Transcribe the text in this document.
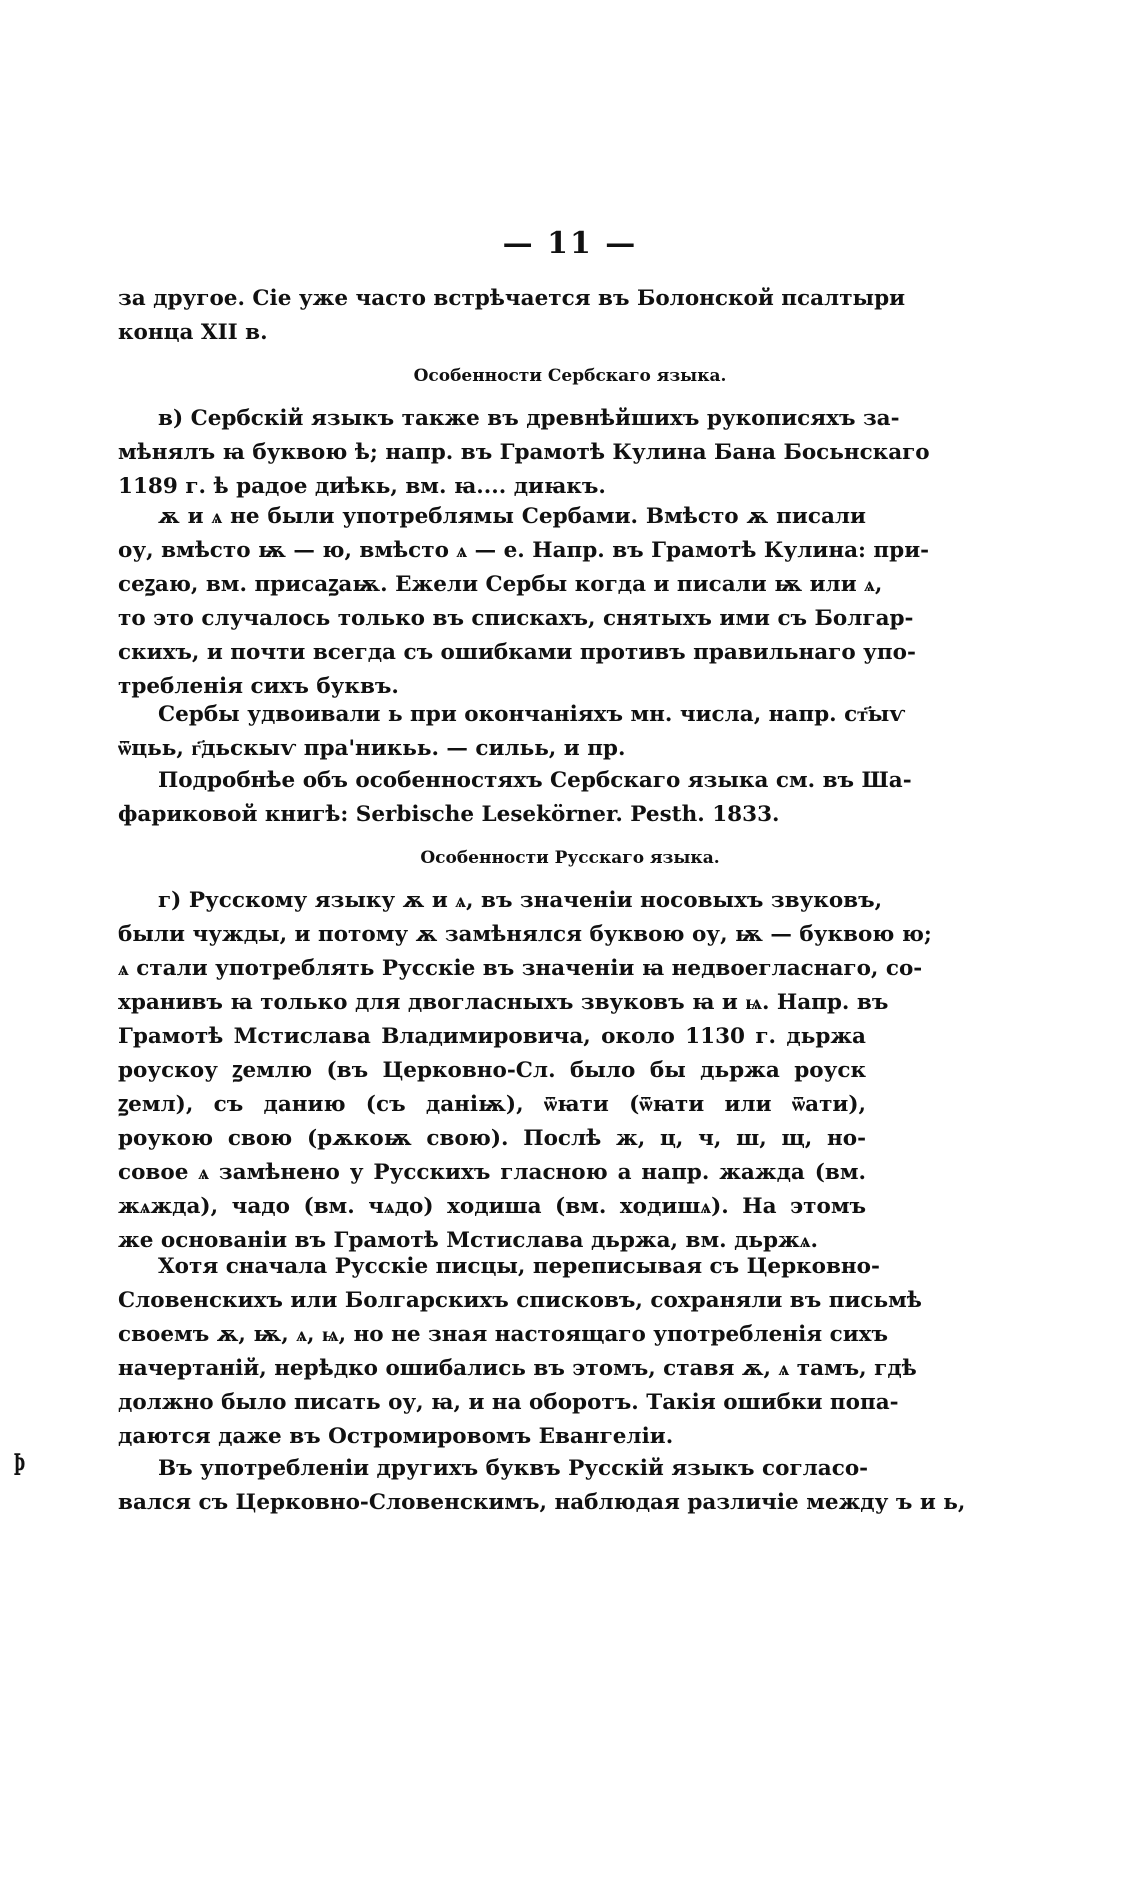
— 11 —
Þ
за другое. Сіе уже часто встрѣчается въ Болонской псалтыри
конца XII в.
Особенности Сербскаго языка.
в) Сербскій языкъ также въ древнѣйшихъ рукописяхъ за-
мѣнялъ ꙗ буквою ѣ; напр. въ Грамотѣ Кулина Бана Босьнскаго
1189 г. ѣ радое диѣкь, вм. ꙗ.... диꙗкъ.
ѫ и ѧ не были употреблямы Сербами. Вмѣсто ѫ писали
оу, вмѣсто ѭ — ю, вмѣсто ѧ — е. Напр. въ Грамотѣ Кулина: при-
сеꙁаю, вм. присаꙁаѭ. Ежели Сербы когда и писали ѭ или ѧ,
то это случалось только въ спискахъ, снятыхъ ими съ Болгар-
скихъ, и почти всегда съ ошибками противъ правильнаго упо-
требленія сихъ буквъ.
Сербы удвоивали ь при окончаніяхъ мн. числа, напр. ст҃ыѵ
ѿцьь, г҃дьскыѵ пра'никьь. — сильь, и пр.
Подробнѣе объ особенностяхъ Сербскаго языка см. въ Ша-
фариковой книгѣ: Serbische Lesekörner. Pesth. 1833.
Особенности Русскаго языка.
г) Русскому языку ѫ и ѧ, въ значеніи носовыхъ звуковъ,
были чужды, и потому ѫ замѣнялся буквою оу, ѭ — буквою ю;
ѧ стали употреблять Русскіе въ значеніи ꙗ недвоегласнаго, со-
хранивъ ꙗ только для двогласныхъ звуковъ ꙗ и ѩ. Напр. въ
Грамотѣ Мстислава Владимировича, около 1130 г. дьржа
роускоу ꙁемлю (въ Церковно-Сл. было бы дьржа роуск
ꙁемл), съ данию (съ данiѭ), ѿꙗти (ѿꙗти или ѿати),
роукою свою (рѫкоѭ свою). Послѣ ж, ц, ч, ш, щ, но-
совое ѧ замѣнено у Русскихъ гласною а напр. жажда (вм.
жѧжда), чадо (вм. чѧдо) ходиша (вм. ходишѧ). На этомъ
же основаніи въ Грамотѣ Мстислава дьржа, вм. дьржѧ.
Хотя сначала Русскіе писцы, переписывая съ Церковно-
Словенскихъ или Болгарскихъ списковъ, сохраняли въ письмѣ
своемъ ѫ, ѭ, ѧ, ѩ, но не зная настоящаго употребленія сихъ
начертаній, нерѣдко ошибались въ этомъ, ставя ѫ, ѧ тамъ, гдѣ
должно было писать оу, ꙗ, и на оборотъ. Такія ошибки попа-
даются даже въ Остромировомъ Евангеліи.
Въ употребленіи другихъ буквъ Русскій языкъ согласо-
вался съ Церковно-Словенскимъ, наблюдая различіе между ъ и ь,
